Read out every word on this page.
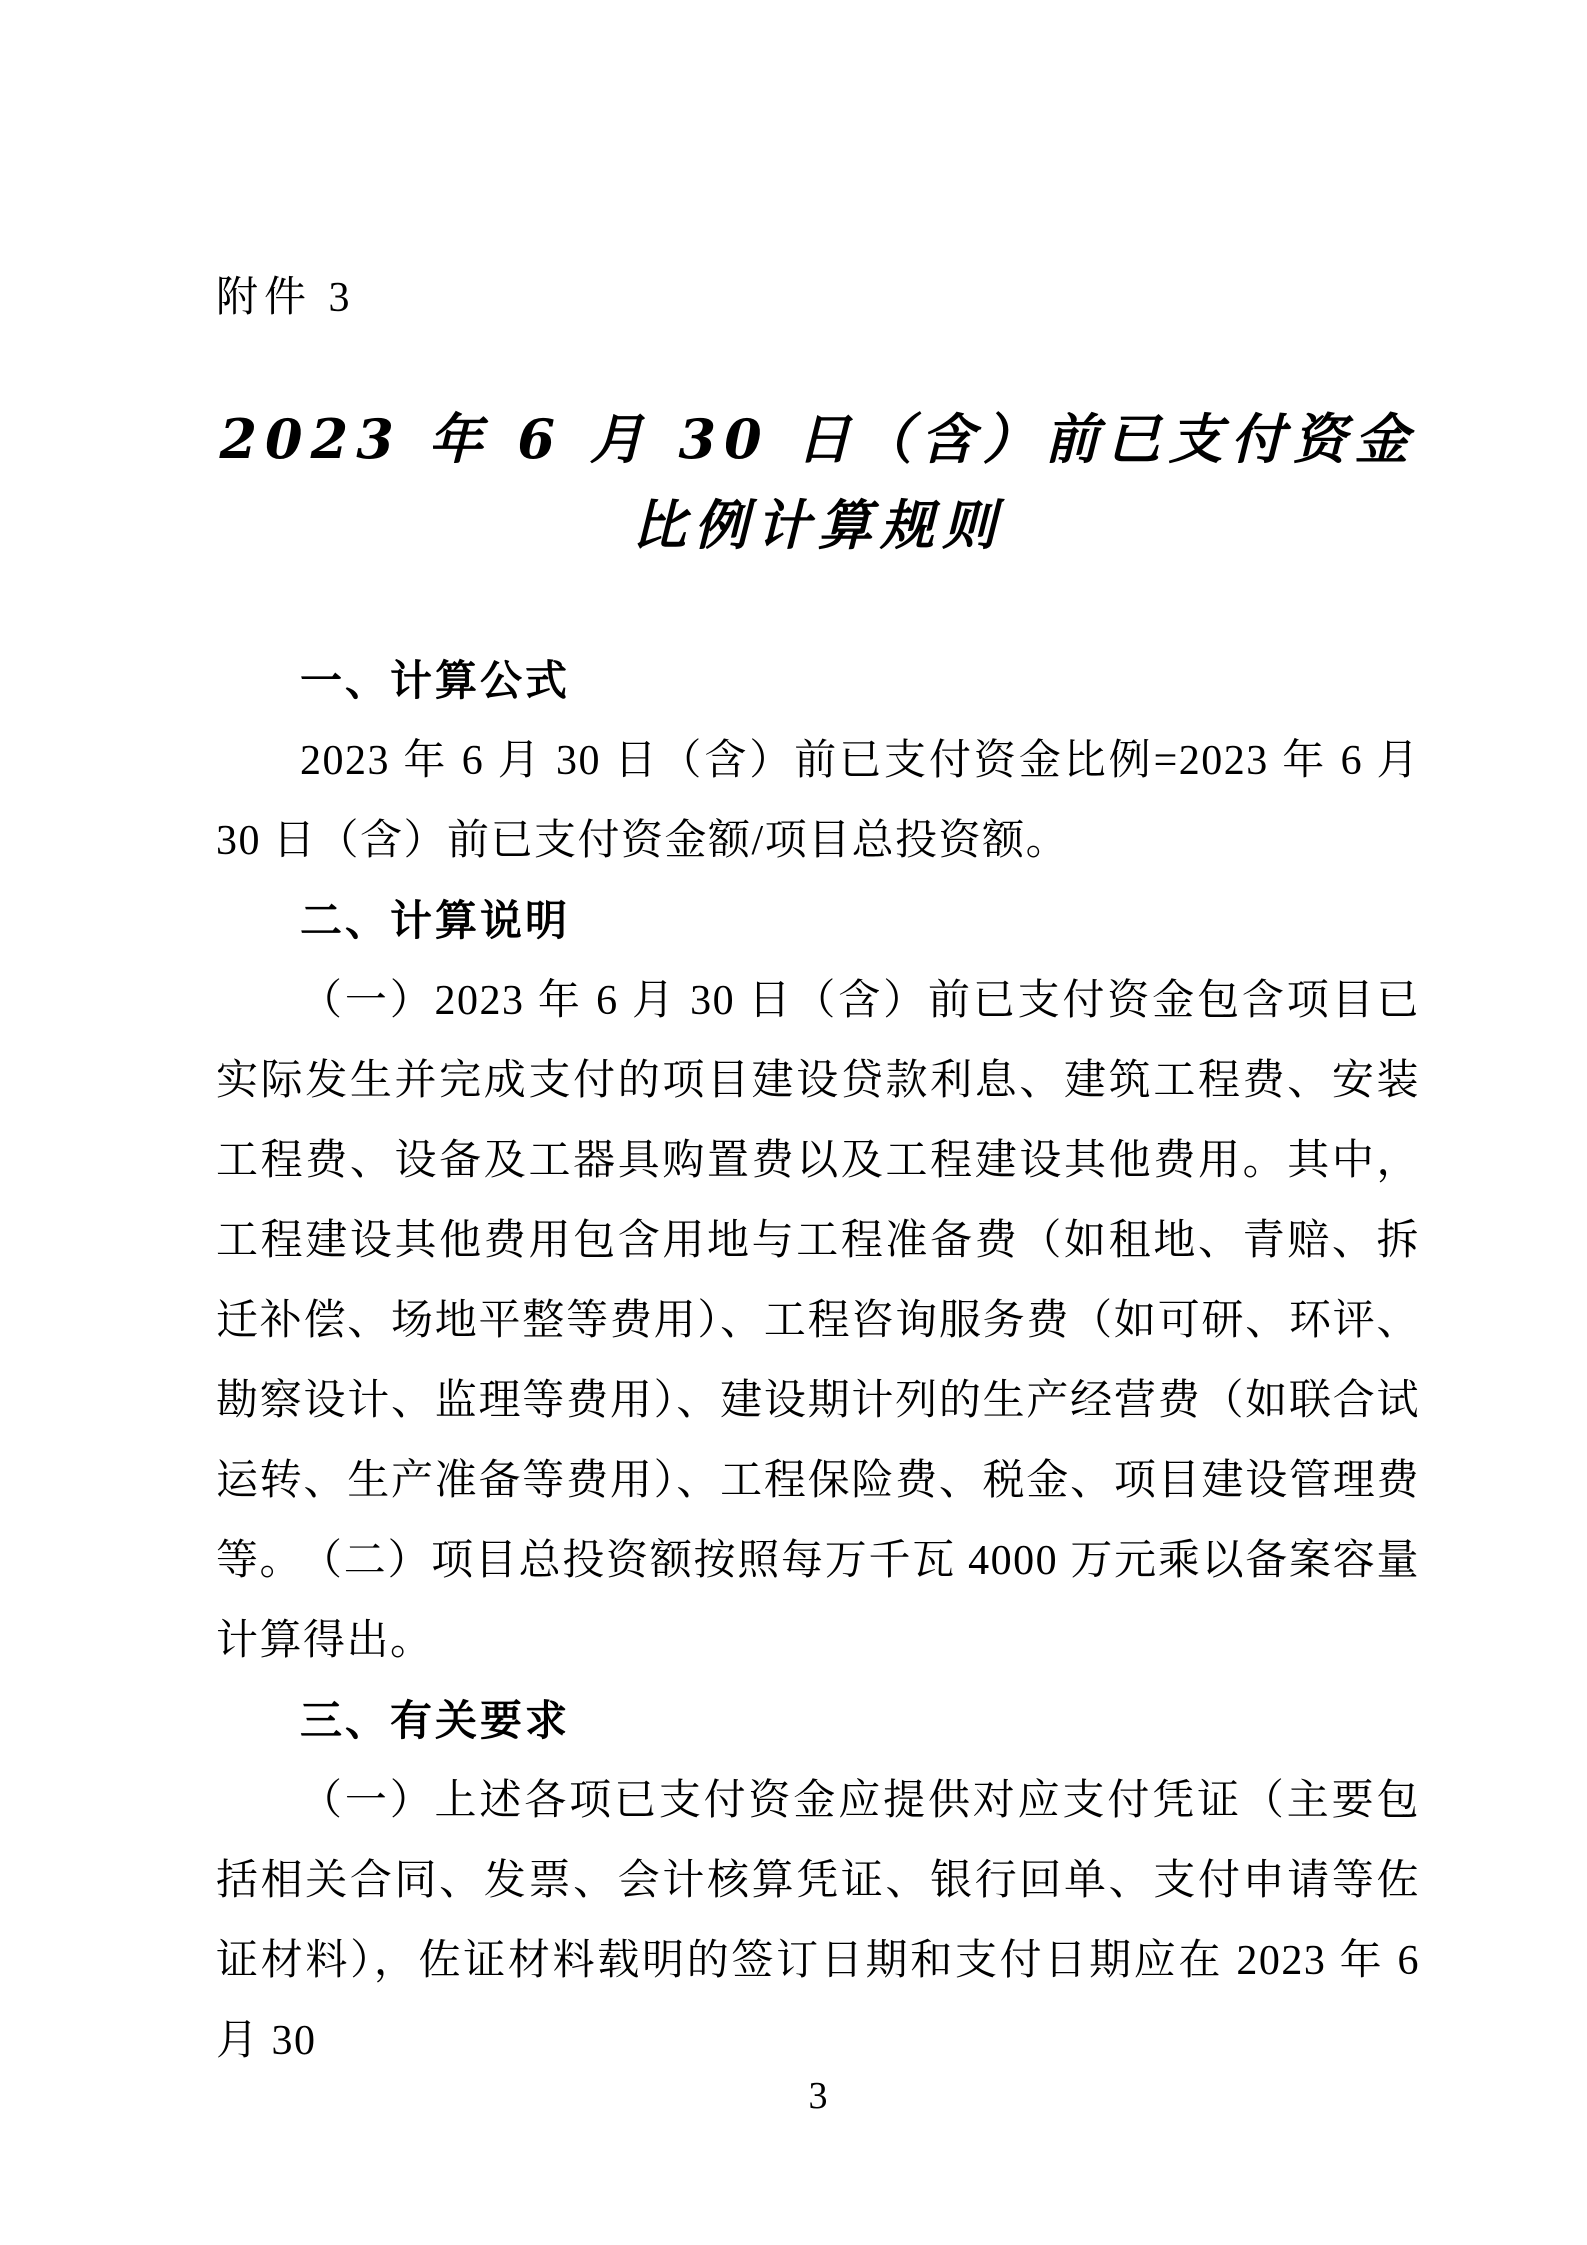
附件 3
2023 年 6 月 30 日（含）前已支付资金
比例计算规则
一、计算公式
2023 年 6 月 30 日（含）前已支付资金比例=2023 年 6 月 30 日（含）前已支付资金额/项目总投资额。
二、计算说明
（一）2023 年 6 月 30 日（含）前已支付资金包含项目已实际发生并完成支付的项目建设贷款利息、建筑工程费、安装工程费、设备及工器具购置费以及工程建设其他费用。其中，工程建设其他费用包含用地与工程准备费（如租地、青赔、拆迁补偿、场地平整等费用）、工程咨询服务费（如可研、环评、勘察设计、监理等费用）、建设期计列的生产经营费（如联合试运转、生产准备等费用）、工程保险费、税金、项目建设管理费等。
（二）项目总投资额按照每万千瓦 4000 万元乘以备案容量计算得出。
三、有关要求
（一）上述各项已支付资金应提供对应支付凭证（主要包括相关合同、发票、会计核算凭证、银行回单、支付申请等佐证材料），佐证材料载明的签订日期和支付日期应在 2023 年 6 月 30
3
